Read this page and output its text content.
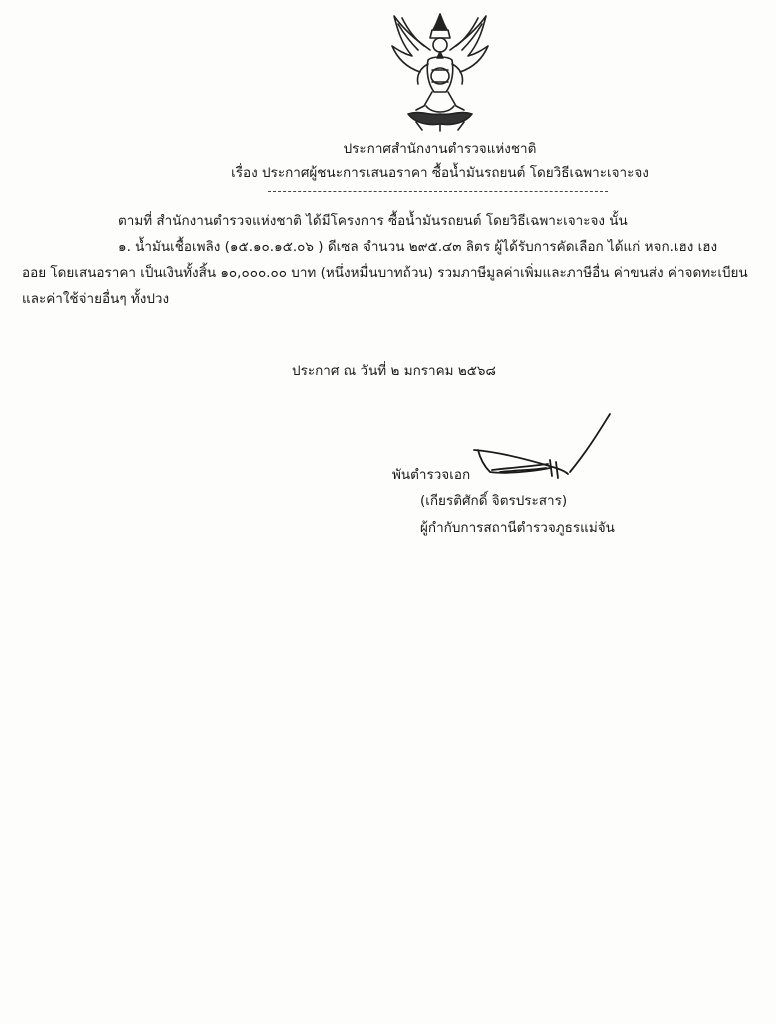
ประกาศสำนักงานตำรวจแห่งชาติ
เรื่อง ประกาศผู้ชนะการเสนอราคา ซื้อน้ำมันรถยนต์ โดยวิธีเฉพาะเจาะจง
ตามที่ สำนักงานตำรวจแห่งชาติ ได้มีโครงการ ซื้อน้ำมันรถยนต์ โดยวิธีเฉพาะเจาะจง นั้น
๑. น้ำมันเชื้อเพลิง (๑๕.๑๐.๑๕.๐๖ ) ดีเซล จำนวน ๒๙๕.๔๓ ลิตร ผู้ได้รับการคัดเลือก ได้แก่ หจก.เฮง เฮง
ออย โดยเสนอราคา เป็นเงินทั้งสิ้น ๑๐,๐๐๐.๐๐ บาท (หนึ่งหมื่นบาทถ้วน) รวมภาษีมูลค่าเพิ่มและภาษีอื่น ค่าขนส่ง ค่าจดทะเบียน
และค่าใช้จ่ายอื่นๆ ทั้งปวง
ประกาศ ณ วันที่ ๒ มกราคม ๒๕๖๘
พันตำรวจเอก
(เกียรติศักดิ์ จิตรประสาร)
ผู้กำกับการสถานีตำรวจภูธรแม่จัน
